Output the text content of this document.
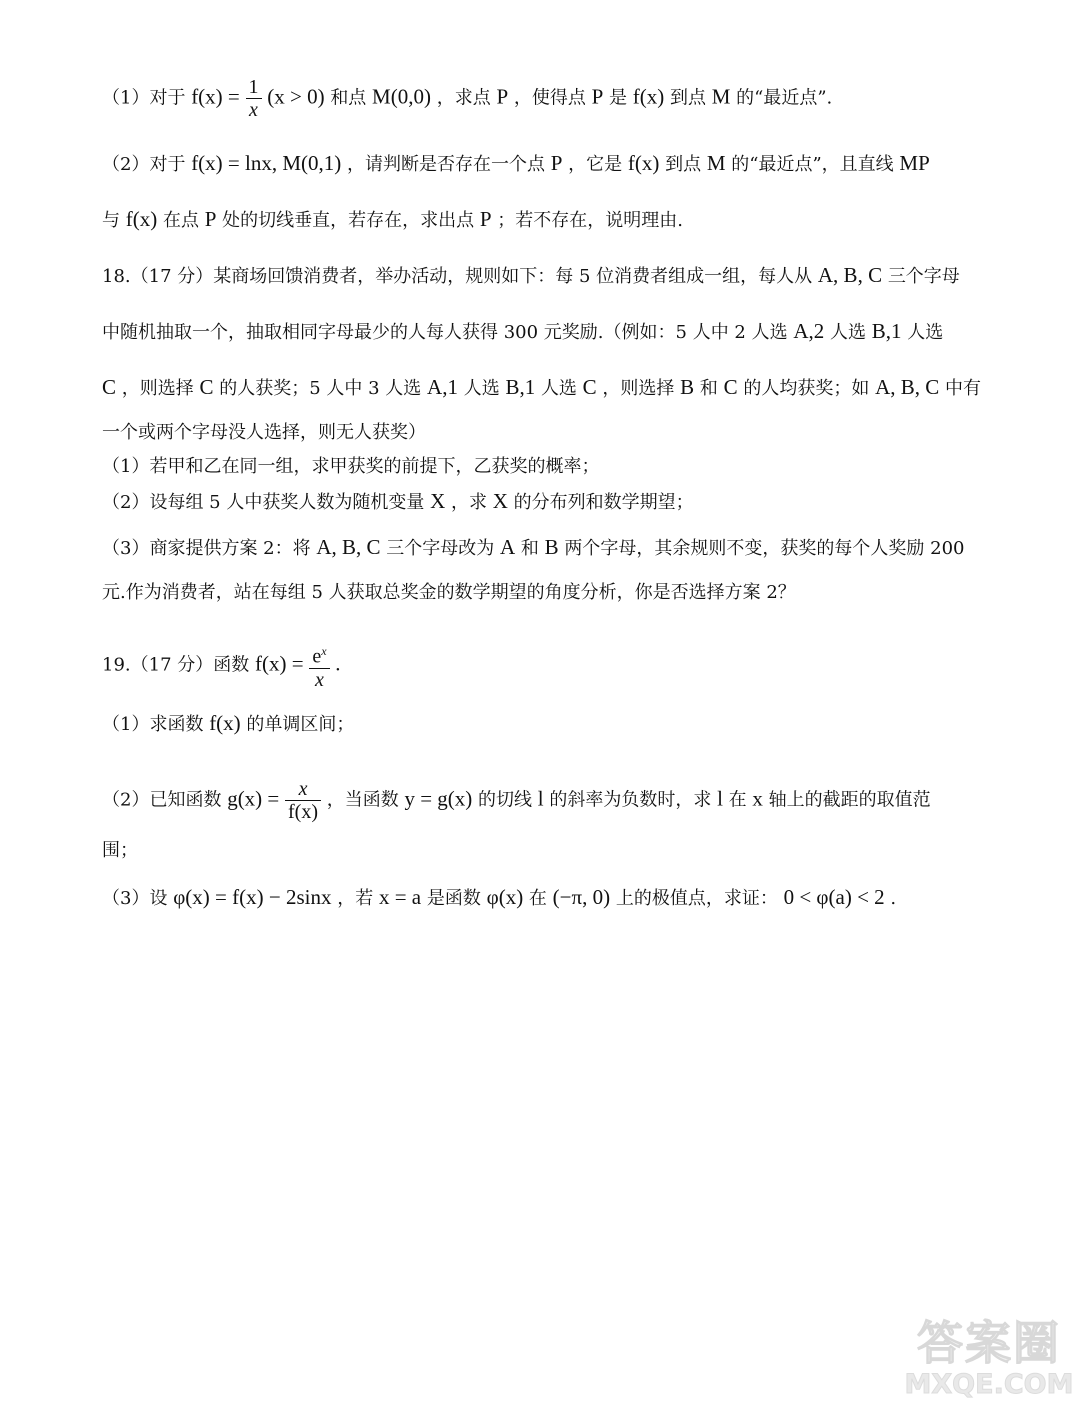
（1）对于 $f(x) = \frac{1}{x} (x > 0)$ 和点 M(0,0) ，求点 P ，使得点 P 是 f(x) 到点 M 的“最近点”.
（2）对于 f(x) = lnx, M(0,1) ，请判断是否存在一个点 P ，它是 f(x) 到点 M 的“最近点”，且直线 MP
与 f(x) 在点 P 处的切线垂直，若存在，求出点 P ；若不存在，说明理由.
18.（17 分）某商场回馈消费者，举办活动，规则如下：每 5 位消费者组成一组，每人从 A, B, C 三个字母
中随机抽取一个，抽取相同字母最少的人每人获得 300 元奖励.（例如：5 人中 2 人选 A,2 人选 B,1 人选
C ，则选择 C 的人获奖；5 人中 3 人选 A,1 人选 B,1 人选 C ，则选择 B 和 C 的人均获奖；如 A, B, C 中有
一个或两个字母没人选择，则无人获奖）
（1）若甲和乙在同一组，求甲获奖的前提下，乙获奖的概率；
（2）设每组 5 人中获奖人数为随机变量 X ，求 X 的分布列和数学期望；
（3）商家提供方案 2：将 A, B, C 三个字母改为 A 和 B 两个字母，其余规则不变，获奖的每个人奖励 200
元.作为消费者，站在每组 5 人获取总奖金的数学期望的角度分析，你是否选择方案 2？
19.（17 分）函数 $f(x) = \frac{e^x}{x}$ .
（1）求函数 f(x) 的单调区间；
（2）已知函数 $g(x) = \frac{x}{f(x)}$ ，当函数 y = g(x) 的切线 l 的斜率为负数时，求 l 在 x 轴上的截距的取值范
围；
（3）设 φ(x) = f(x) − 2sinx ，若 x = a 是函数 φ(x) 在 (−π, 0) 上的极值点，求证： 0 < φ(a) < 2 .
答案圈
MXQE.COM
